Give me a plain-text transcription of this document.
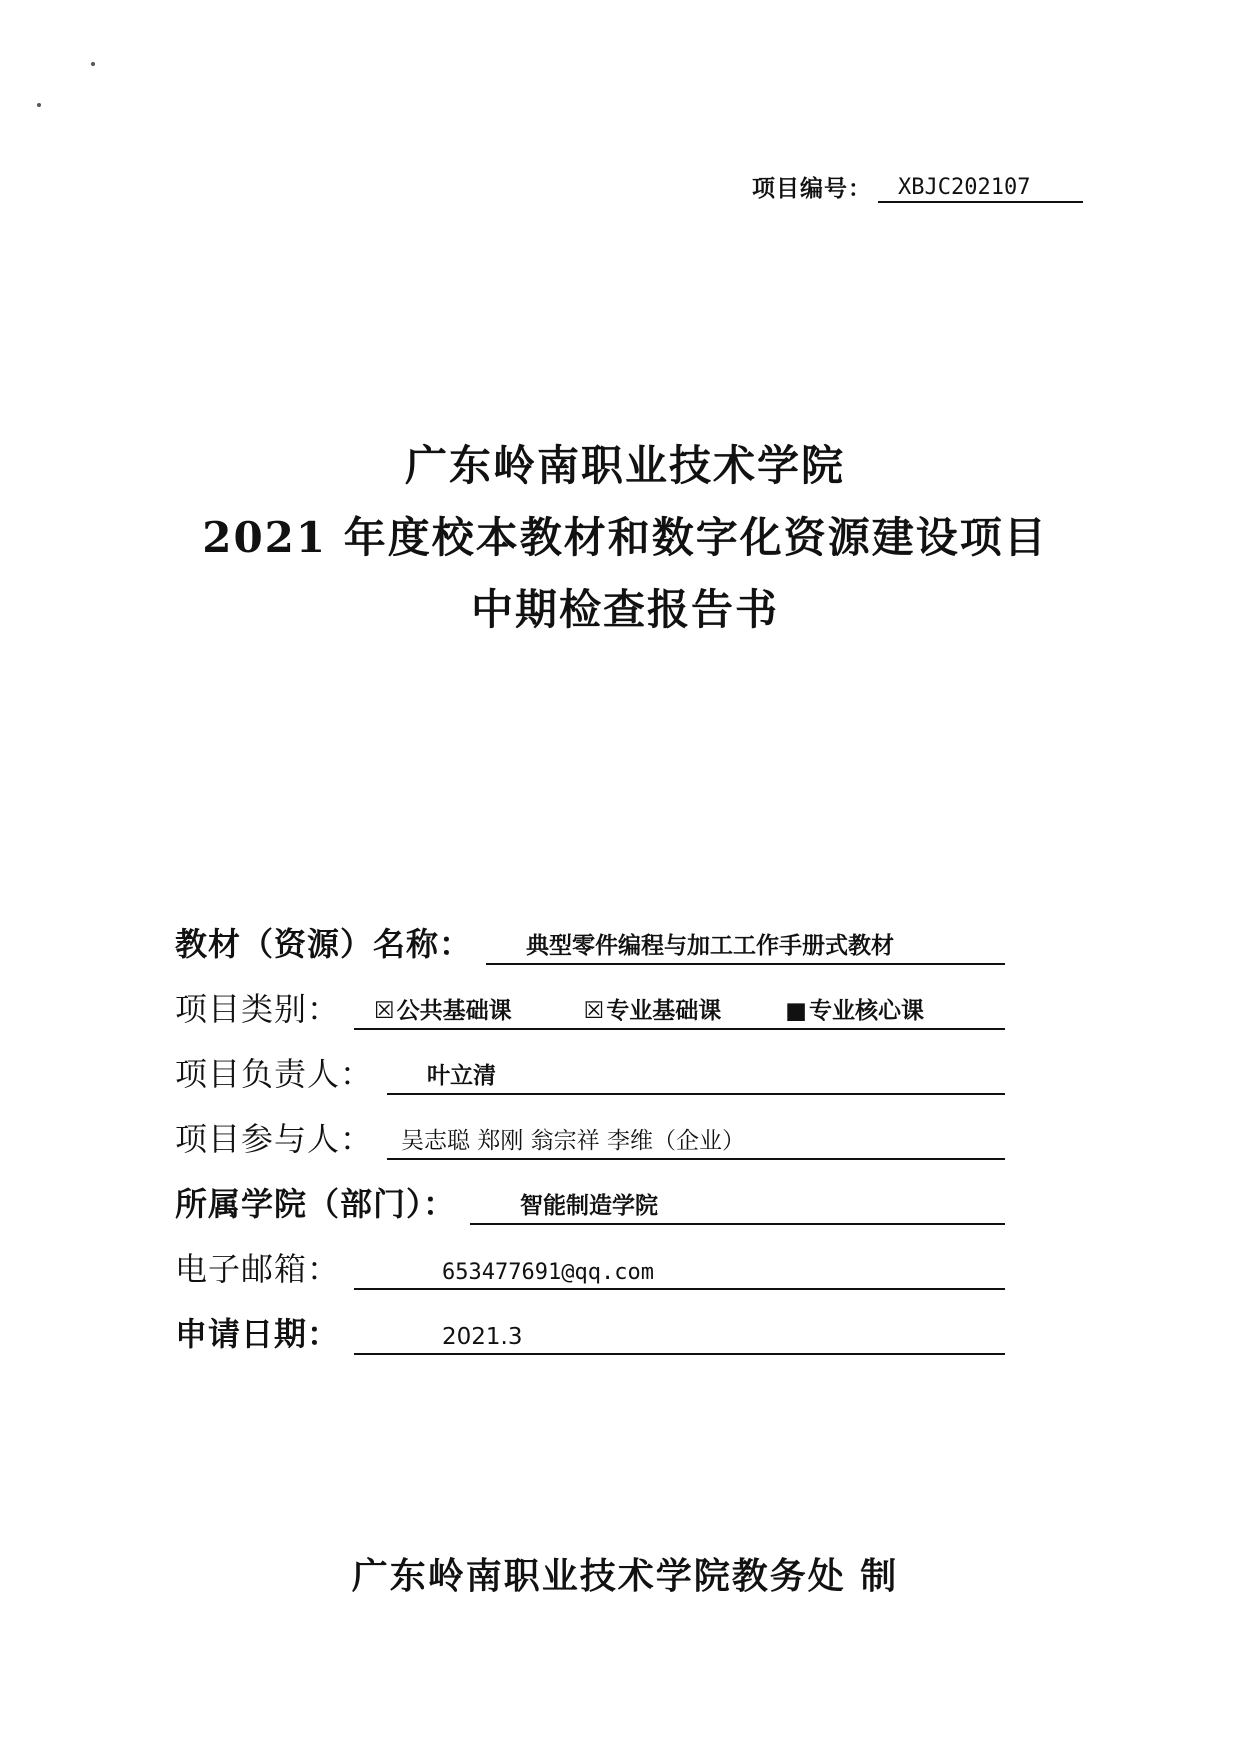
项目编号：	XBJC202107
广东岭南职业技术学院
2021 年度校本教材和数字化资源建设项目
中期检查报告书
教材（资源）名称：	典型零件编程与加工工作手册式教材
项目类别：	☒公共基础课	☒专业基础课	■专业核心课
项目负责人：	叶立清
项目参与人：	吴志聪 郑刚 翁宗祥 李维（企业）
所属学院（部门）：	智能制造学院
电子邮箱：	653477691@qq.com
申请日期：	2021.3
广东岭南职业技术学院教务处 制
